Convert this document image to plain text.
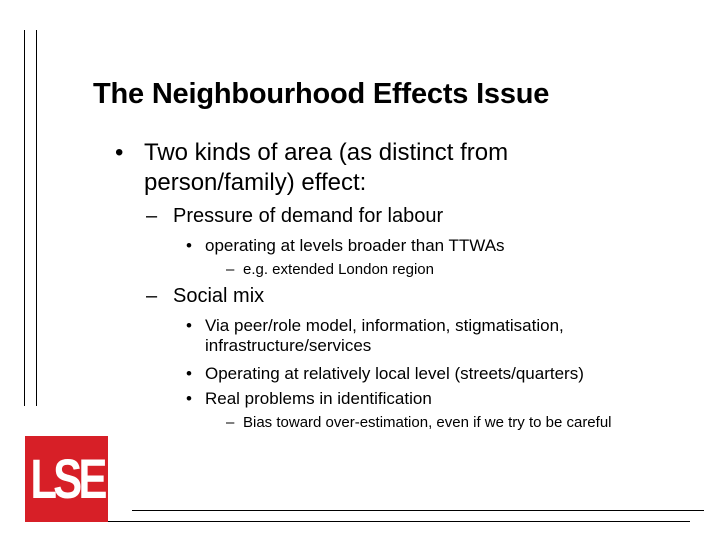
The Neighbourhood Effects Issue
• Two kinds of area (as distinct from
person/family) effect:
– Pressure of demand for labour
• operating at levels broader than TTWAs
– e.g. extended London region
– Social mix
• Via peer/role model, information, stigmatisation,
infrastructure/services
• Operating at relatively local level (streets/quarters)
• Real problems in identification
– Bias toward over-estimation, even if we try to be careful
LSE
